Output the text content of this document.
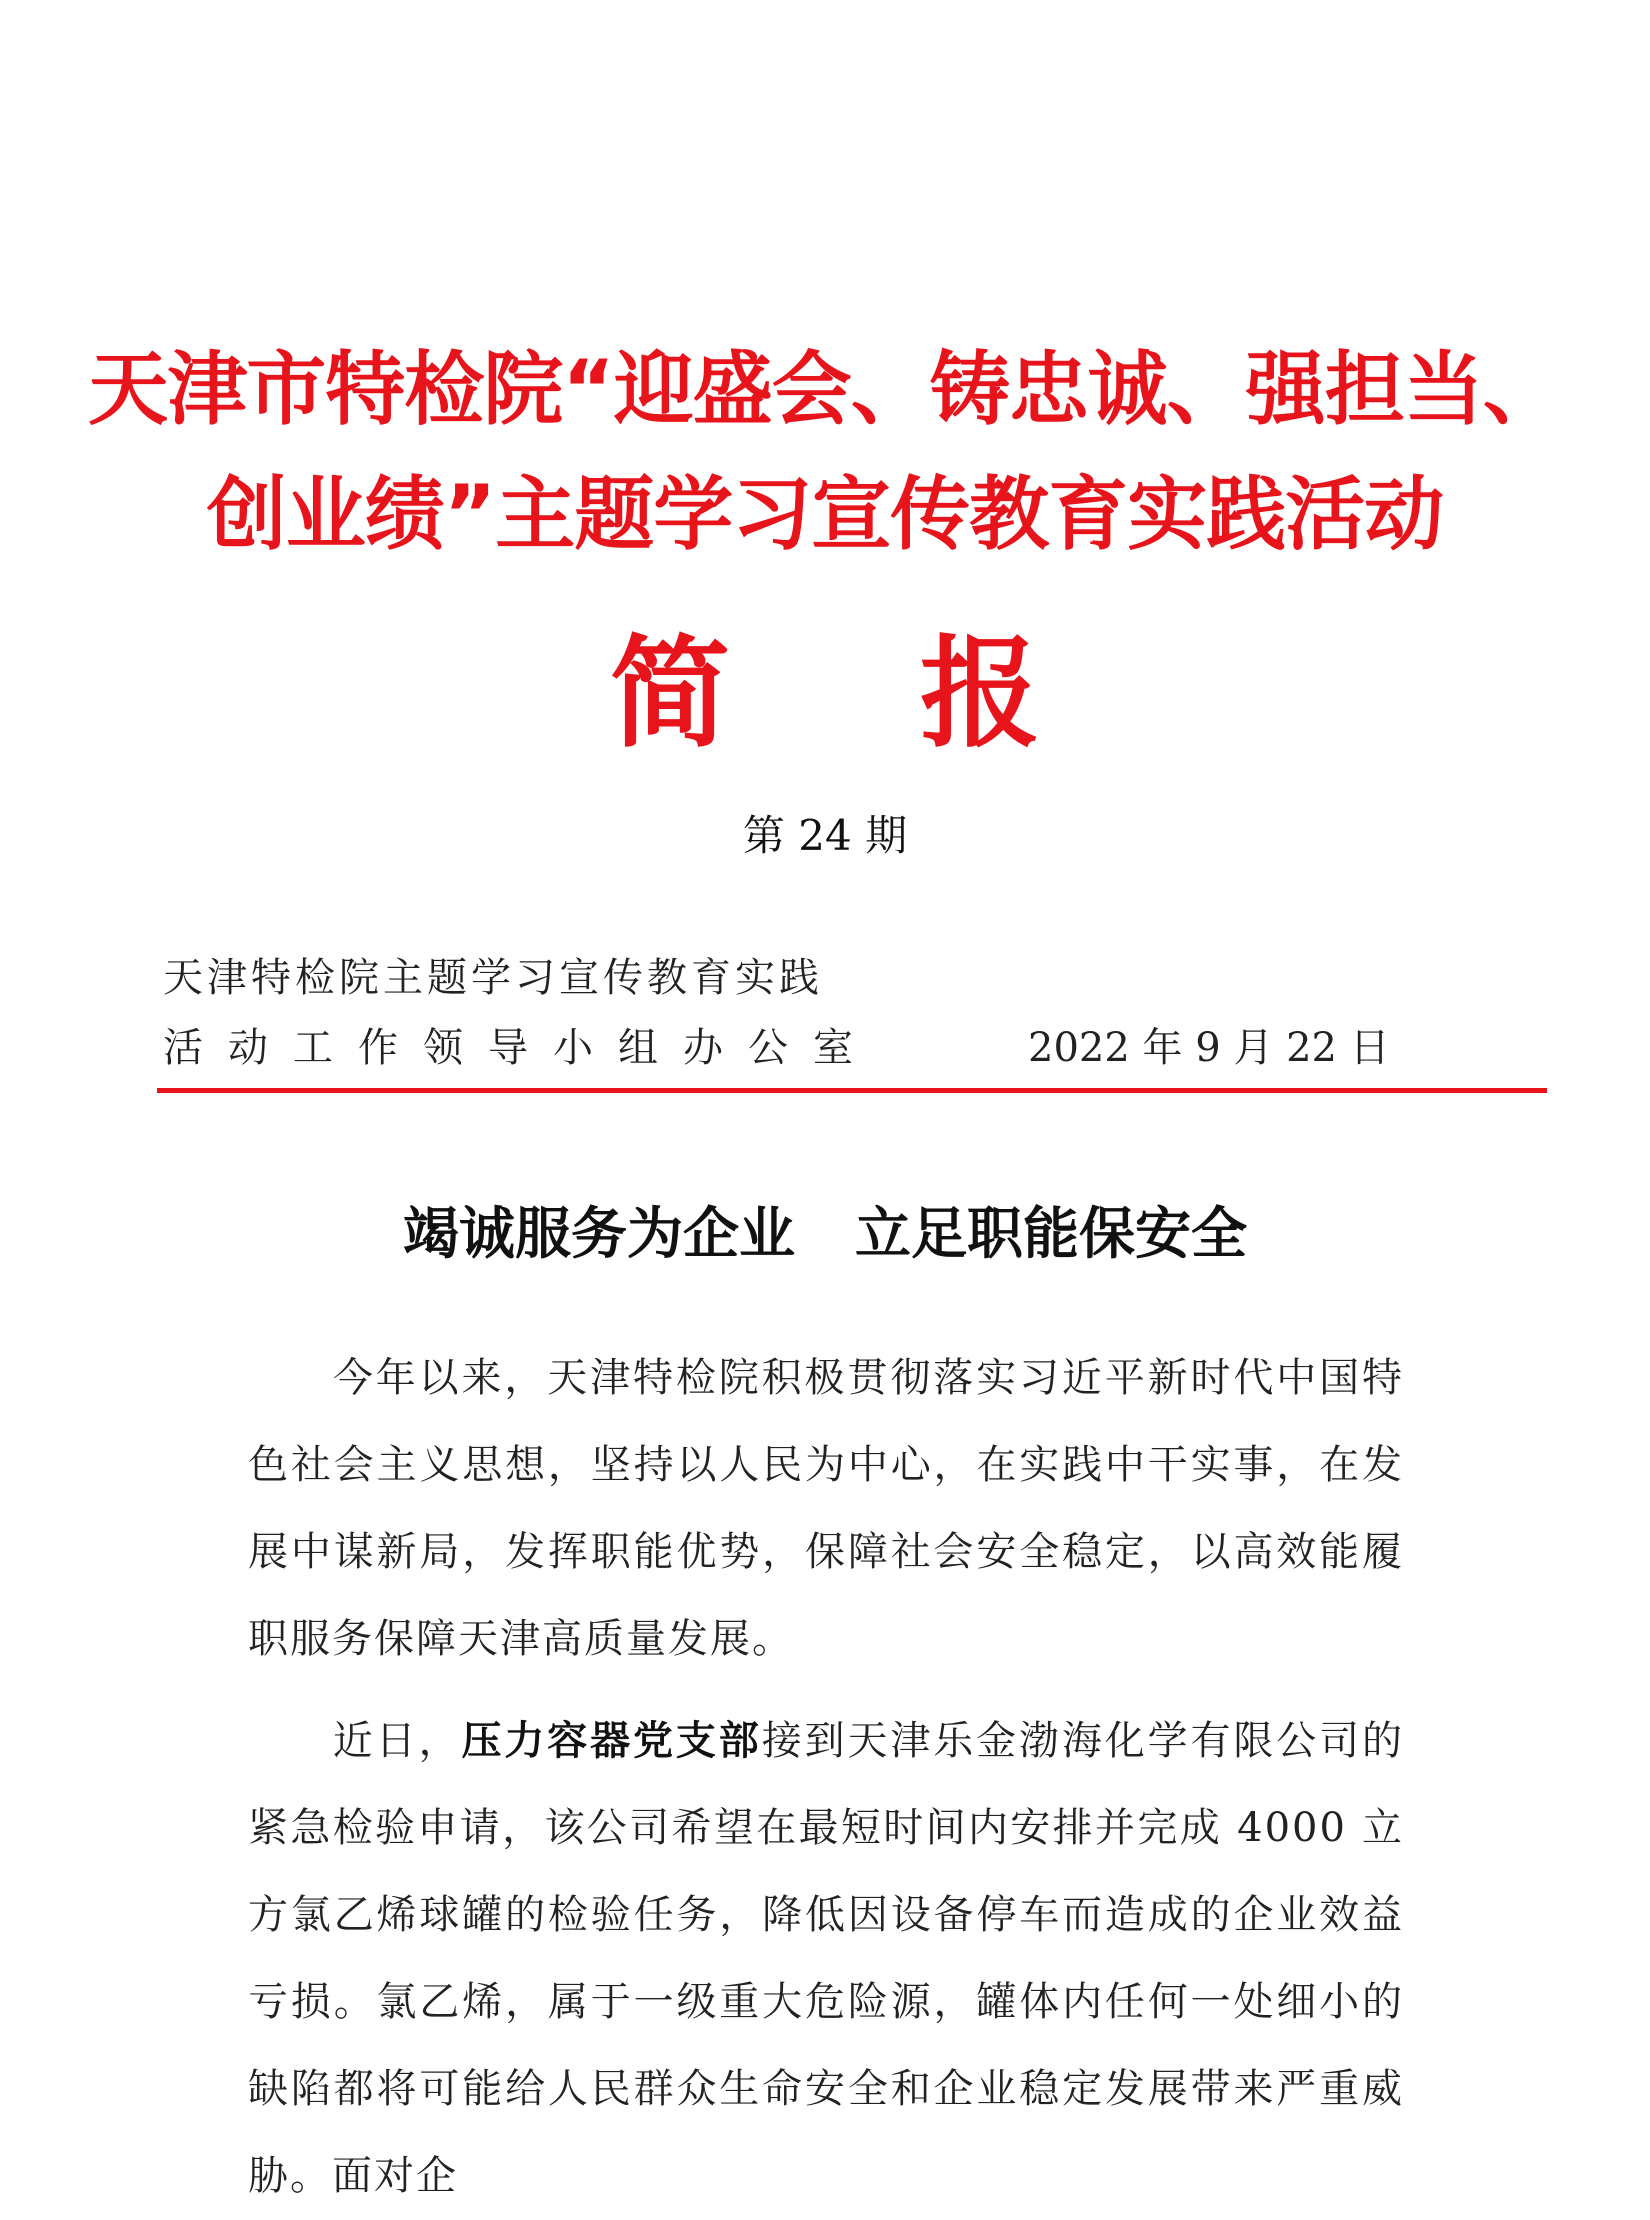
天津市特检院“迎盛会、铸忠诚、强担当、
创业绩”主题学习宣传教育实践活动
简 报
第 24 期
天津特检院主题学习宣传教育实践
活动工作领导小组办公室	2022 年 9 月 22 日
竭诚服务为企业 立足职能保安全
今年以来，天津特检院积极贯彻落实习近平新时代中国特色社会主义思想，坚持以人民为中心，在实践中干实事，在发展中谋新局，发挥职能优势，保障社会安全稳定，以高效能履职服务保障天津高质量发展。
近日，压力容器党支部接到天津乐金渤海化学有限公司的紧急检验申请，该公司希望在最短时间内安排并完成 4000 立方氯乙烯球罐的检验任务，降低因设备停车而造成的企业效益亏损。氯乙烯，属于一级重大危险源，罐体内任何一处细小的缺陷都将可能给人民群众生命安全和企业稳定发展带来严重威胁。面对企
